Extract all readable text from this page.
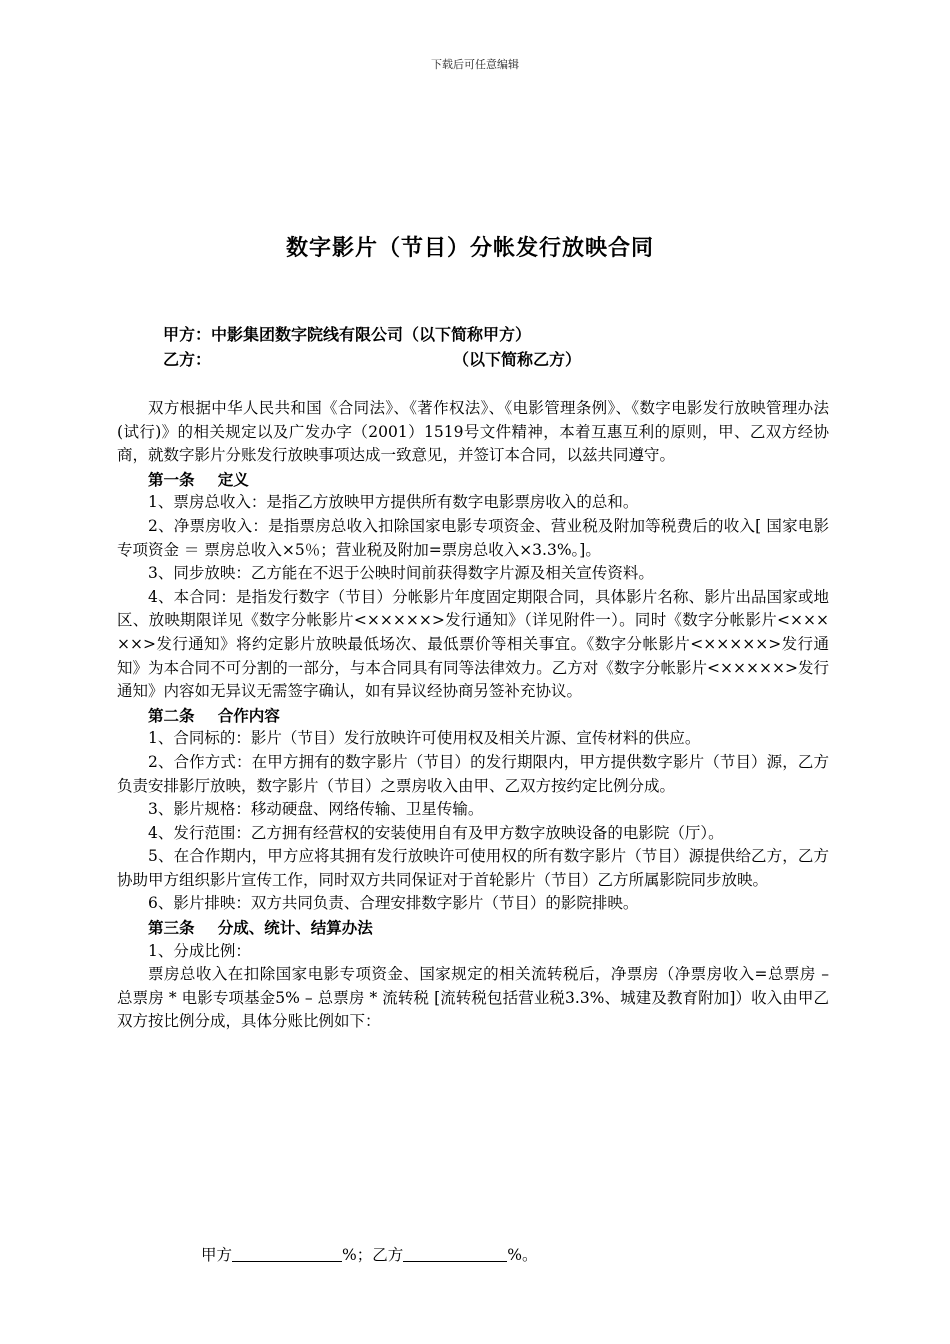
下载后可任意编辑
数字影片（节目）分帐发行放映合同
甲方：中影集团数字院线有限公司（以下简称甲方）
乙方：	（以下简称乙方）

双方根据中华人民共和国《合同法》、《著作权法》、《电影管理条例》、《数字电影发行放映管理办法(试行)》的相关规定以及广发办字（2001）1519号文件精神，本着互惠互利的原则，甲、乙双方经协商，就数字影片分账发行放映事项达成一致意见，并签订本合同，以兹共同遵守。

第一条 定义

1、票房总收入：是指乙方放映甲方提供所有数字电影票房收入的总和。

2、净票房收入：是指票房总收入扣除国家电影专项资金、营业税及附加等税费后的收入[ 国家电影专项资金 ＝ 票房总收入×5％；营业税及附加=票房总收入×3.3%。]。

3、同步放映：乙方能在不迟于公映时间前获得数字片源及相关宣传资料。

4、本合同：是指发行数字（节目）分帐影片年度固定期限合同，具体影片名称、影片出品国家或地区、放映期限详见《数字分帐影片<×××××>发行通知》（详见附件一）。同时《数字分帐影片<×××××>发行通知》将约定影片放映最低场次、最低票价等相关事宜。《数字分帐影片<×××××>发行通知》为本合同不可分割的一部分，与本合同具有同等法律效力。乙方对《数字分帐影片<×××××>发行通知》内容如无异议无需签字确认，如有异议经协商另签补充协议。

第二条 合作内容

1、合同标的：影片（节目）发行放映许可使用权及相关片源、宣传材料的供应。

2、合作方式：在甲方拥有的数字影片（节目）的发行期限内，甲方提供数字影片（节目）源，乙方负责安排影厅放映，数字影片（节目）之票房收入由甲、乙双方按约定比例分成。

3、影片规格：移动硬盘、网络传输、卫星传输。

4、发行范围：乙方拥有经营权的安装使用自有及甲方数字放映设备的电影院（厅）。

5、在合作期内，甲方应将其拥有发行放映许可使用权的所有数字影片（节目）源提供给乙方，乙方协助甲方组织影片宣传工作，同时双方共同保证对于首轮影片（节目）乙方所属影院同步放映。

6、影片排映：双方共同负责、合理安排数字影片（节目）的影院排映。

第三条 分成、统计、结算办法

1、分成比例：

票房总收入在扣除国家电影专项资金、国家规定的相关流转税后，净票房（净票房收入=总票房 – 总票房 * 电影专项基金5% – 总票房 * 流转税 [流转税包括营业税3.3%、城建及教育附加]）收入由甲乙双方按比例分成，具体分账比例如下：

甲方	%；乙方	%。
